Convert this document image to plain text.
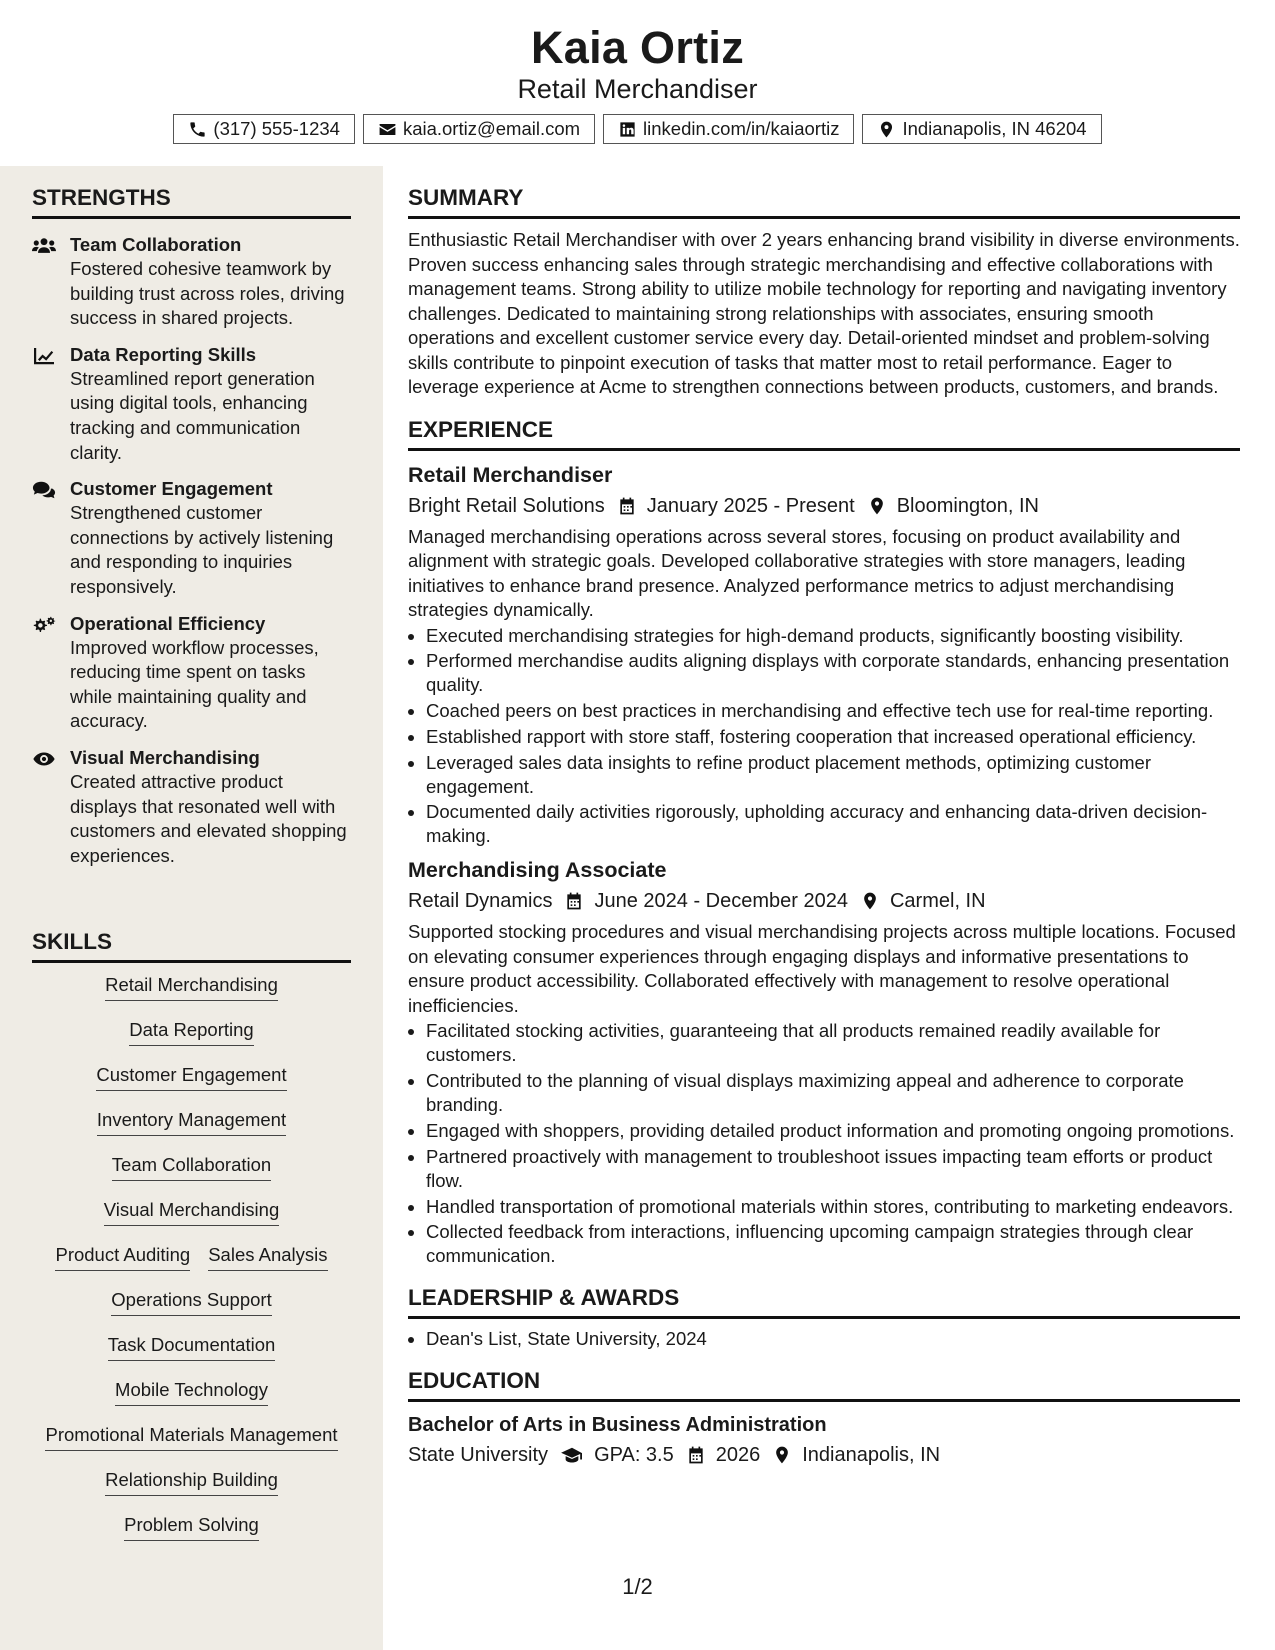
Kaia Ortiz
Retail Merchandiser
(317) 555-1234	kaia.ortiz@email.com	linkedin.com/in/kaiaortiz	Indianapolis, IN 46204
STRENGTHS
Team Collaboration
Fostered cohesive teamwork by building trust across roles, driving success in shared projects.
Data Reporting Skills
Streamlined report generation using digital tools, enhancing tracking and communication clarity.
Customer Engagement
Strengthened customer connections by actively listening and responding to inquiries responsively.
Operational Efficiency
Improved workflow processes, reducing time spent on tasks while maintaining quality and accuracy.
Visual Merchandising
Created attractive product displays that resonated well with customers and elevated shopping experiences.
SKILLS
Retail Merchandising
Data Reporting
Customer Engagement
Inventory Management
Team Collaboration
Visual Merchandising
Product Auditing Sales Analysis
Operations Support
Task Documentation
Mobile Technology
Promotional Materials Management
Relationship Building
Problem Solving
SUMMARY
Enthusiastic Retail Merchandiser with over 2 years enhancing brand visibility in diverse environments. Proven success enhancing sales through strategic merchandising and effective collaborations with management teams. Strong ability to utilize mobile technology for reporting and navigating inventory challenges. Dedicated to maintaining strong relationships with associates, ensuring smooth operations and excellent customer service every day. Detail-oriented mindset and problem-solving skills contribute to pinpoint execution of tasks that matter most to retail performance. Eager to leverage experience at Acme to strengthen connections between products, customers, and brands.
EXPERIENCE
Retail Merchandiser
Bright Retail Solutions January 2025 - Present Bloomington, IN
Managed merchandising operations across several stores, focusing on product availability and alignment with strategic goals. Developed collaborative strategies with store managers, leading initiatives to enhance brand presence. Analyzed performance metrics to adjust merchandising strategies dynamically.
• Executed merchandising strategies for high-demand products, significantly boosting visibility.
• Performed merchandise audits aligning displays with corporate standards, enhancing presentation quality.
• Coached peers on best practices in merchandising and effective tech use for real-time reporting.
• Established rapport with store staff, fostering cooperation that increased operational efficiency.
• Leveraged sales data insights to refine product placement methods, optimizing customer engagement.
• Documented daily activities rigorously, upholding accuracy and enhancing data-driven decision-making.
Merchandising Associate
Retail Dynamics June 2024 - December 2024 Carmel, IN
Supported stocking procedures and visual merchandising projects across multiple locations. Focused on elevating consumer experiences through engaging displays and informative presentations to ensure product accessibility. Collaborated effectively with management to resolve operational inefficiencies.
• Facilitated stocking activities, guaranteeing that all products remained readily available for customers.
• Contributed to the planning of visual displays maximizing appeal and adherence to corporate branding.
• Engaged with shoppers, providing detailed product information and promoting ongoing promotions.
• Partnered proactively with management to troubleshoot issues impacting team efforts or product flow.
• Handled transportation of promotional materials within stores, contributing to marketing endeavors.
• Collected feedback from interactions, influencing upcoming campaign strategies through clear communication.
LEADERSHIP & AWARDS
• Dean's List, State University, 2024
EDUCATION
Bachelor of Arts in Business Administration
State University GPA: 3.5 2026 Indianapolis, IN
1/2
